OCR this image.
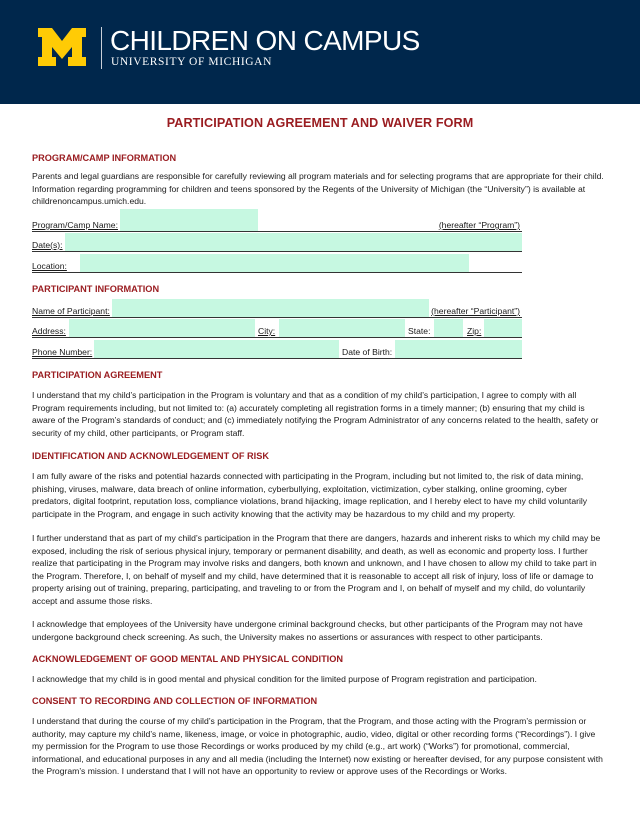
CHILDREN ON CAMPUS
UNIVERSITY OF MICHIGAN
PARTICIPATION AGREEMENT AND WAIVER FORM
PROGRAM/CAMP INFORMATION

Parents and legal guardians are responsible for carefully reviewing all program materials and for selecting programs that are appropriate for their child. Information regarding programming for children and teens sponsored by the Regents of the University of Michigan (the “University”) is available at childrenoncampus.umich.edu.

Program/Camp Name:	(hereafter “Program”)
Date(s):
Location:
PARTICIPANT INFORMATION
Name of Participant:	(hereafter “Participant”)
Address:	City:	State:	Zip:
Phone Number:	Date of Birth:
PARTICIPATION AGREEMENT

I understand that my child’s participation in the Program is voluntary and that as a condition of my child’s participation, I agree to comply with all Program requirements including, but not limited to: (a) accurately completing all registration forms in a timely manner; (b) ensuring that my child is aware of the Program’s standards of conduct; and (c) immediately notifying the Program Administrator of any concerns related to the health, safety or security of my child, other participants, or Program staff.

IDENTIFICATION AND ACKNOWLEDGEMENT OF RISK

I am fully aware of the risks and potential hazards connected with participating in the Program, including but not limited to, the risk of data mining, phishing, viruses, malware, data breach of online information, cyberbullying, exploitation, victimization, cyber stalking, online grooming, cyber predators, digital footprint, reputation loss, compliance violations, brand hijacking, image replication, and I hereby elect to have my child voluntarily participate in the Program, and engage in such activity knowing that the activity may be hazardous to my child and my property.

I further understand that as part of my child’s participation in the Program that there are dangers, hazards and inherent risks to which my child may be exposed, including the risk of serious physical injury, temporary or permanent disability, and death, as well as economic and property loss. I further realize that participating in the Program may involve risks and dangers, both known and unknown, and I have chosen to allow my child to take part in the Program. Therefore, I, on behalf of myself and my child, have determined that it is reasonable to accept all risk of injury, loss of life or damage to property arising out of training, preparing, participating, and traveling to or from the Program and I, on behalf of myself and my child, do voluntarily accept and assume those risks.

I acknowledge that employees of the University have undergone criminal background checks, but other participants of the Program may not have undergone background check screening. As such, the University makes no assertions or assurances with respect to other participants.

ACKNOWLEDGEMENT OF GOOD MENTAL AND PHYSICAL CONDITION

I acknowledge that my child is in good mental and physical condition for the limited purpose of Program registration and participation.

CONSENT TO RECORDING AND COLLECTION OF INFORMATION

I understand that during the course of my child’s participation in the Program, that the Program, and those acting with the Program’s permission or authority, may capture my child’s name, likeness, image, or voice in photographic, audio, video, digital or other recording forms (“Recordings”). I give my permission for the Program to use those Recordings or works produced by my child (e.g., art work) (“Works”) for promotional, commercial, informational, and educational purposes in any and all media (including the Internet) now existing or hereafter devised, for any purpose consistent with the Program’s mission. I understand that I will not have an opportunity to review or approve uses of the Recordings or Works.
